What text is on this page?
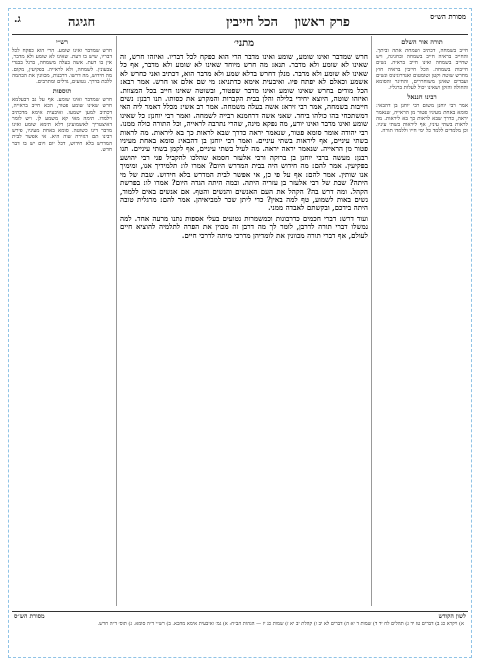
מסורת הש״ס
הכל חייבין פרק ראשון
חגיגה
ג.
תורה אור השלם

חייב בשמחה, דכתיב ושמחת אתה וביתך. והחייב בראיה חייב בשמחה ובחגיגה, ויש שחייב בשמחה ואינו חייב בראיה. נשים חייבות בשמחה. הכל חייבין בראיה חוץ מחרש שוטה וקטן וטומטום ואנדרוגינוס ונשים ועבדים שאינן משוחררים, והחיגר והסומא והחולה והזקן ושאינו יכול לעלות ברגליו.

רבינו חננאל

אמר רבי יוחנן משום רבי יוחנן בן דהבאי: סומא באחת מעיניו פטור מן הראייה, שנאמר יראה, כדרך שבא לראות כך בא ליראות. מה לראות בשתי עיניו, אף ליראות בשתי עיניו. וכן מלמדים ללמד כל ימי חייו וללמדו תורה.

מתני׳

חרש שמדבר ואינו שומע, שומע ואינו מדבר הרי הוא כפקח לכל דבריו. ואיזהו חרש, זה שאינו לא שומע ולא מדבר. תנא: מה חרש מיוחד שאינו לא שומע ולא מדבר, אף כל שאינו לא שומע ולא מדבר. מנלן דחרש בדלא שמע ולא מדבר הוא, דכתיב ואני כחרש לא אשמע וכאלם לא יפתח פיו. ואיבעית אימא כדתניא: מי שם אלם או חרש. אמר רבא: הכל מודים בחרש שאינו שומע ואינו מדבר שפטור, ובשוטה שאינו חייב בכל המצוות. ואיזהו שוטה, היוצא יחידי בלילה והלן בבית הקברות והמקרע את כסותו. תנו רבנן: נשים חייבות בשמחה, אמר רבי זירא: אשה בעלה משמחה. אמר רב אשי: מכלל דאמר ליה האי דמשתכחי בהו כולהו ביחד. שאני אשה דרחמנא רבייה לשמחה. ואמר רבי יוחנן: כל שאינו שומע ואינו מדבר ואינו יודע, מה נפקא מינה, שהרי נתרבה לראייה, וכל התורה כולה ממנו. רבי יהודה אומר סומא פטור, שנאמר יראה כדרך שבא לראות כך בא ליראות. מה לראות בשתי עיניים, אף ליראות בשתי עיניים. ואמר רבי יוחנן בן דהבאי: סומא באחת מעיניו פטור מן הראייה. שנאמר יראה יראה. מה לעיל בשתי עיניים, אף לקמן בשתי עיניים. תנו רבנן: מעשה ברבי יוחנן בן ברוקה ורבי אלעזר חסמא שהלכו להקביל פני רבי יהושע בפקיעין. אמר להם: מה חידוש היה בבית המדרש היום? אמרו לו: תלמידיך אנו, ומימיך אנו שותין. אמר להם: אף על פי כן, אי אפשר לבית המדרש בלא חידוש. שבת של מי היתה? שבת של רבי אלעזר בן עזריה היתה. ובמה היתה הגדה היום? אמרו לו: בפרשת הקהל. ומה דרש בה? הקהל את העם האנשים והנשים והטף. אם אנשים באים ללמוד, נשים באות לשמוע, טף למה באין? כדי ליתן שכר למביאיהן. אמר להם: מרגלית טובה היתה בידכם, ובקשתם לאבדה ממני.

ועוד דרש: דברי חכמים כדרבונות וכמשמרות נטועים בעלי אספות נתנו מרעה אחד. למה נמשלו דברי תורה לדרבן, לומר לך מה דרבן זה מכוין את הפרה לתלמיה להוציא חיים לעולם, אף דברי תורה מכוונין את לומדיהן מדרכי מיתה לדרכי חיים.

רש״י

חרש שמדבר ואינו שומע. הרי הוא כפקח לכל דבריו, שיש בו דעת. שאינו לא שומע ולא מדבר, אין בו דעת. אשה בעלה משמחה, ברגל בבגדי צבעונין. לשמחה, ולא לראייה. בפקיעין, מקום. מה חידוש, מה דרשו. דרבנות, מכוונין את הבהמה ללכת בדרך. נטועים, גדלים ומתרבים.

תוספות

חרש שמדבר ואינו שומע. אף על גב דבעלמא חרש שאינו שומע פטור, הכא חייב בראייה, דכתיב למען ישמעו. ואיבעית אימא מדכתיב וילמדו. תימה מאי קא משמע לן. ויש לומר דאיצטריך לאשמועינן דלא תימא שומע ואינו מדבר דינו כשוטה. סומא באחת מעיניו, פירש רבינו תם דגזירה שוה היא. אי אפשר לבית המדרש בלא חידוש, דכל יום ויום יש בו דבר חדש.

לשון הקודש
מסורת הש״ס
א) ויקרא כג ב) דברים טז יד ג) תהלים לח יד ד) שמות ד יא ה) דברים לא יב ו) קהלת יב יא ז) שמות כג יז — הגהות הב״ח: א) גמ׳ ואיבעית אימא מהכא. ב) רש״י ד״ה סומא. ג) תוס׳ ד״ה חרש.
